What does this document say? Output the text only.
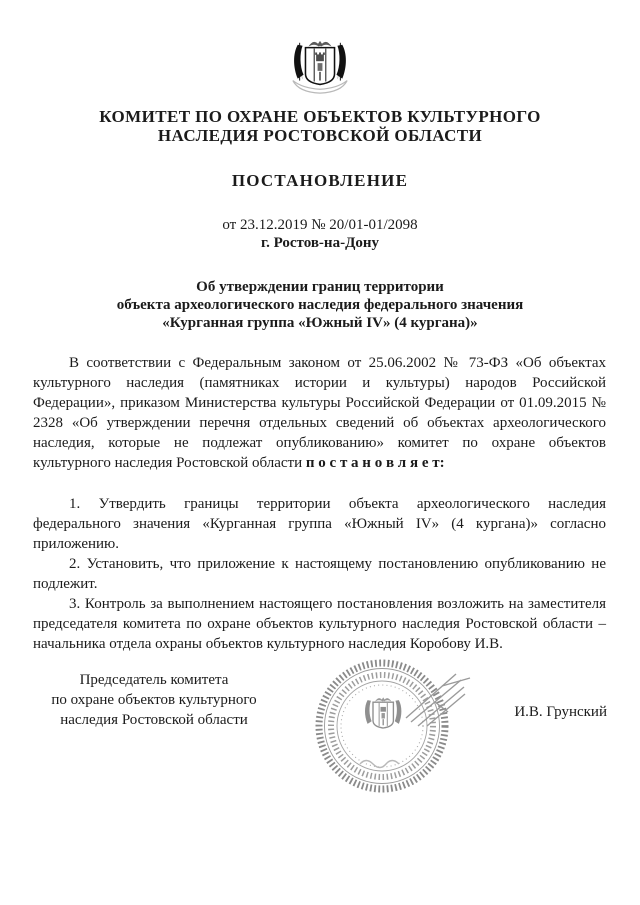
КОМИТЕТ ПО ОХРАНЕ ОБЪЕКТОВ КУЛЬТУРНОГО
НАСЛЕДИЯ РОСТОВСКОЙ ОБЛАСТИ
ПОСТАНОВЛЕНИЕ
от 23.12.2019 № 20/01-01/2098
г. Ростов-на-Дону
Об утверждении границ территории
объекта археологического наследия федерального значения
«Курганная группа «Южный IV» (4 кургана)»

В соответствии с Федеральным законом от 25.06.2002 № 73-ФЗ «Об объектах культурного наследия (памятниках истории и культуры) народов Российской Федерации», приказом Министерства культуры Российской Федерации от 01.09.2015 № 2328 «Об утверждении перечня отдельных сведений об объектах археологического наследия, которые не подлежат опубликованию» комитет по охране объектов культурного наследия Ростовской области п о с т а н о в л я е т:

1. Утвердить границы территории объекта археологического наследия федерального значения «Курганная группа «Южный IV» (4 кургана)» согласно приложению.

2. Установить, что приложение к настоящему постановлению опубликованию не подлежит.

3. Контроль за выполнением настоящего постановления возложить на заместителя председателя комитета по охране объектов культурного наследия Ростовской области – начальника отдела охраны объектов культурного наследия Коробову И.В.

Председатель комитета
по охране объектов культурного
наследия Ростовской области	И.В. Грунский
